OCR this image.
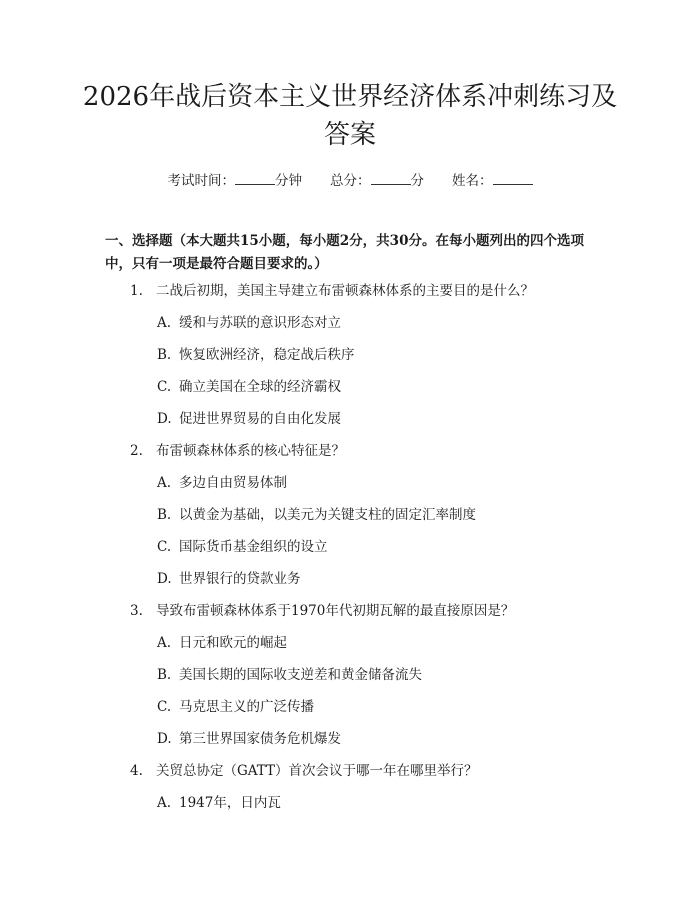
2026年战后资本主义世界经济体系冲刺练习及答案
考试时间：	分钟 总分：	分 姓名：

一、选择题（本大题共15小题，每小题2分，共30分。在每小题列出的四个选项中，只有一项是最符合题目要求的。）

1. 二战后初期，美国主导建立布雷顿森林体系的主要目的是什么？
A. 缓和与苏联的意识形态对立
B. 恢复欧洲经济，稳定战后秩序
C. 确立美国在全球的经济霸权
D. 促进世界贸易的自由化发展
2. 布雷顿森林体系的核心特征是？
A. 多边自由贸易体制
B. 以黄金为基础，以美元为关键支柱的固定汇率制度
C. 国际货币基金组织的设立
D. 世界银行的贷款业务
3. 导致布雷顿森林体系于1970年代初期瓦解的最直接原因是？
A. 日元和欧元的崛起
B. 美国长期的国际收支逆差和黄金储备流失
C. 马克思主义的广泛传播
D. 第三世界国家债务危机爆发
4. 关贸总协定（GATT）首次会议于哪一年在哪里举行？
A. 1947年，日内瓦
